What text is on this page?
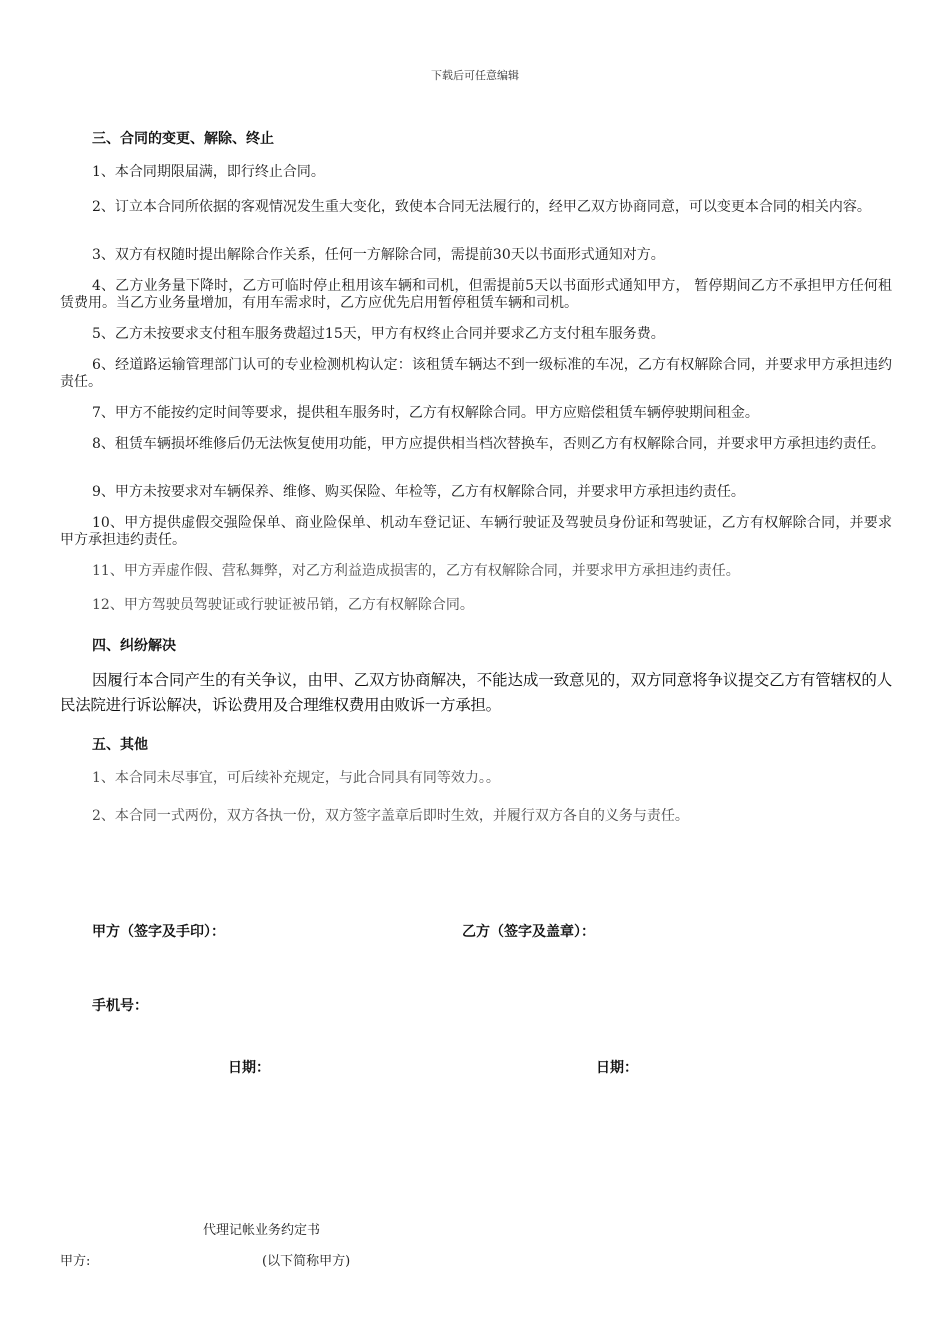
下载后可任意编辑
三、合同的变更、解除、终止
1、本合同期限届满，即行终止合同。
2、订立本合同所依据的客观情况发生重大变化，致使本合同无法履行的，经甲乙双方协商同意，可以变更本合同的相关内容。
3、双方有权随时提出解除合作关系，任何一方解除合同，需提前30天以书面形式通知对方。
4、乙方业务量下降时，乙方可临时停止租用该车辆和司机，但需提前5天以书面形式通知甲方， 暂停期间乙方不承担甲方任何租赁费用。当乙方业务量增加，有用车需求时，乙方应优先启用暂停租赁车辆和司机。
5、乙方未按要求支付租车服务费超过15天，甲方有权终止合同并要求乙方支付租车服务费。
6、经道路运输管理部门认可的专业检测机构认定：该租赁车辆达不到一级标准的车况，乙方有权解除合同，并要求甲方承担违约责任。
7、甲方不能按约定时间等要求，提供租车服务时，乙方有权解除合同。甲方应赔偿租赁车辆停驶期间租金。
8、租赁车辆损坏维修后仍无法恢复使用功能，甲方应提供相当档次替换车，否则乙方有权解除合同，并要求甲方承担违约责任。
9、甲方未按要求对车辆保养、维修、购买保险、年检等，乙方有权解除合同，并要求甲方承担违约责任。
10、甲方提供虚假交强险保单、商业险保单、机动车登记证、车辆行驶证及驾驶员身份证和驾驶证，乙方有权解除合同，并要求甲方承担违约责任。
11、甲方弄虚作假、营私舞弊，对乙方利益造成损害的，乙方有权解除合同，并要求甲方承担违约责任。
12、甲方驾驶员驾驶证或行驶证被吊销，乙方有权解除合同。
四、纠纷解决
因履行本合同产生的有关争议，由甲、乙双方协商解决，不能达成一致意见的，双方同意将争议提交乙方有管辖权的人民法院进行诉讼解决，诉讼费用及合理维权费用由败诉一方承担。
五、其他
1、本合同未尽事宜，可后续补充规定，与此合同具有同等效力。。
2、本合同一式两份，双方各执一份，双方签字盖章后即时生效，并履行双方各自的义务与责任。
甲方（签字及手印）：	乙方（签字及盖章）：
手机号：
日期：	日期：
代理记帐业务约定书
甲方:	(以下简称甲方)
